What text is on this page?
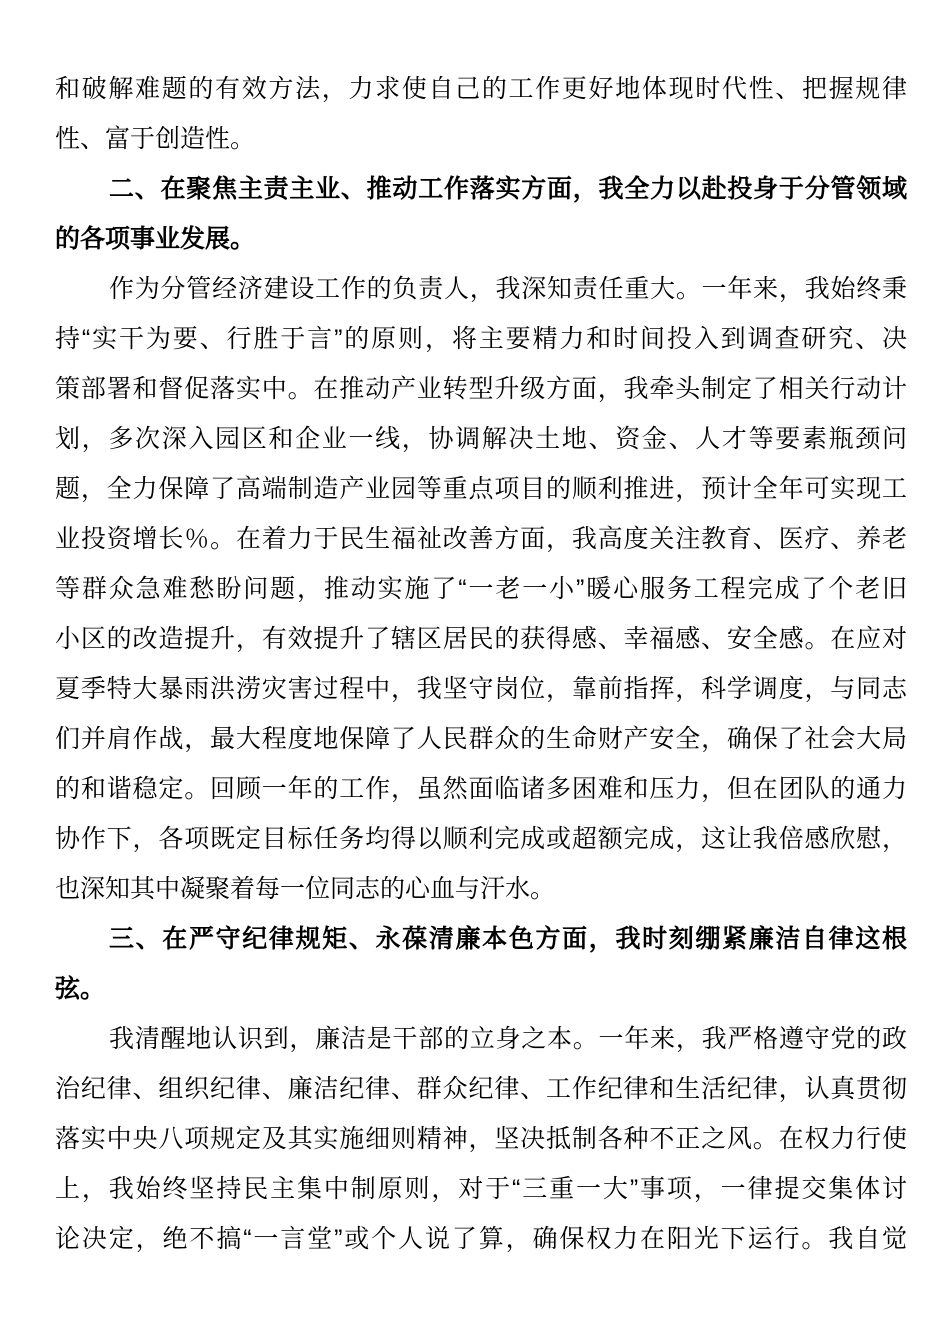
和破解难题的有效方法，力求使自己的工作更好地体现时代性、把握规律
性、富于创造性。
二、在聚焦主责主业、推动工作落实方面，我全力以赴投身于分管领域
的各项事业发展。
作为分管经济建设工作的负责人，我深知责任重大。一年来，我始终秉
持“实干为要、行胜于言”的原则，将主要精力和时间投入到调查研究、决
策部署和督促落实中。在推动产业转型升级方面，我牵头制定了相关行动计
划，多次深入园区和企业一线，协调解决土地、资金、人才等要素瓶颈问
题，全力保障了高端制造产业园等重点项目的顺利推进，预计全年可实现工
业投资增长％。在着力于民生福祉改善方面，我高度关注教育、医疗、养老
等群众急难愁盼问题，推动实施了“一老一小”暖心服务工程完成了个老旧
小区的改造提升，有效提升了辖区居民的获得感、幸福感、安全感。在应对
夏季特大暴雨洪涝灾害过程中，我坚守岗位，靠前指挥，科学调度，与同志
们并肩作战，最大程度地保障了人民群众的生命财产安全，确保了社会大局
的和谐稳定。回顾一年的工作，虽然面临诸多困难和压力，但在团队的通力
协作下，各项既定目标任务均得以顺利完成或超额完成，这让我倍感欣慰，
也深知其中凝聚着每一位同志的心血与汗水。
三、在严守纪律规矩、永葆清廉本色方面，我时刻绷紧廉洁自律这根
弦。
我清醒地认识到，廉洁是干部的立身之本。一年来，我严格遵守党的政
治纪律、组织纪律、廉洁纪律、群众纪律、工作纪律和生活纪律，认真贯彻
落实中央八项规定及其实施细则精神，坚决抵制各种不正之风。在权力行使
上，我始终坚持民主集中制原则，对于“三重一大”事项，一律提交集体讨
论决定，绝不搞“一言堂”或个人说了算，确保权力在阳光下运行。我自觉
